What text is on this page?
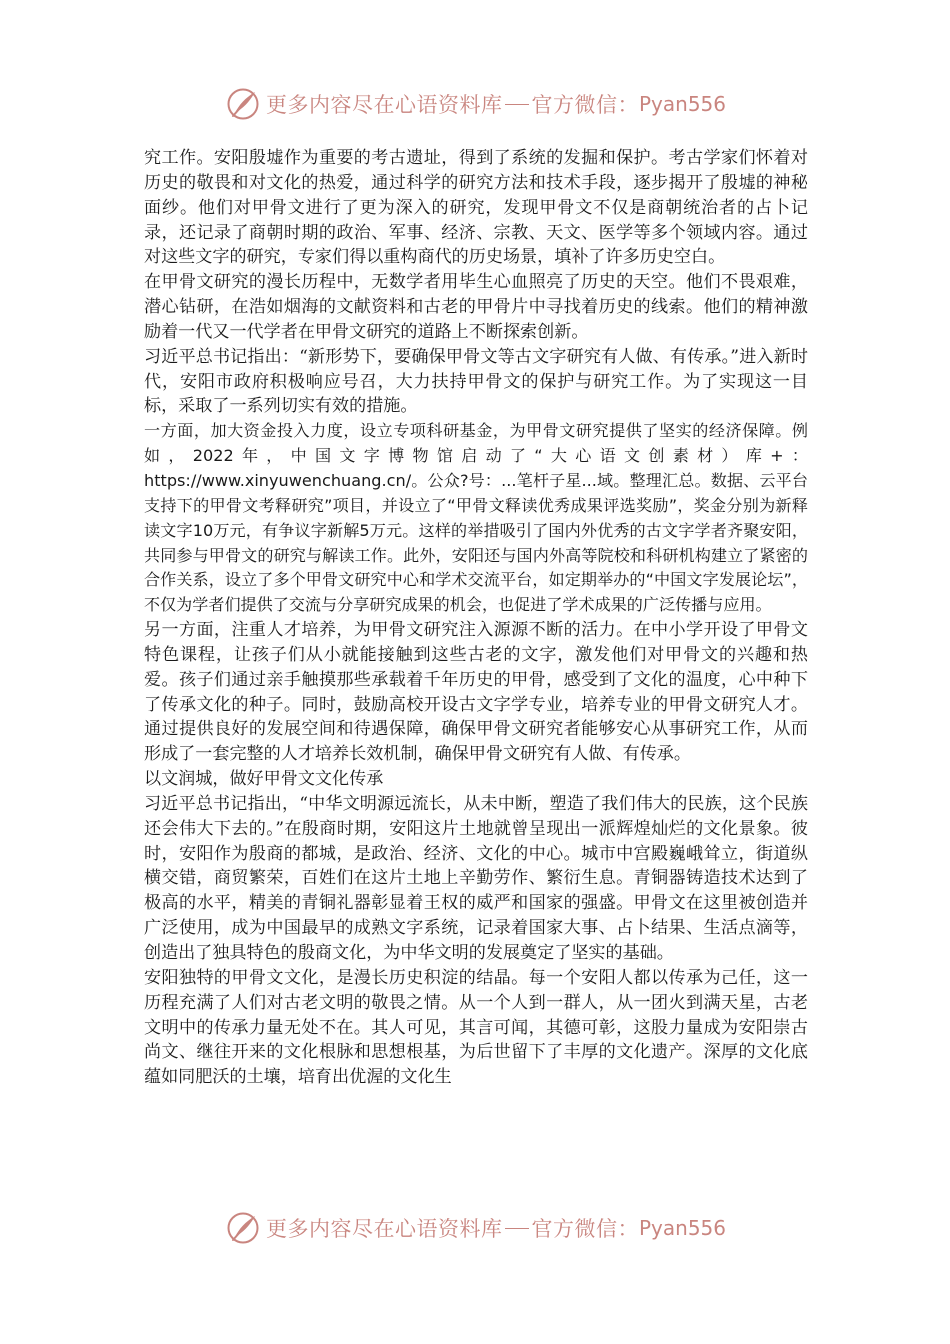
更多内容尽在心语资料库 官方微信： Pyan556

究工作。安阳殷墟作为重要的考古遗址，得到了系统的发掘和保护。考古学家们怀着对历史的敬畏和对文化的热爱，通过科学的研究方法和技术手段，逐步揭开了殷墟的神秘面纱。他们对甲骨文进行了更为深入的研究，发现甲骨文不仅是商朝统治者的占卜记录，还记录了商朝时期的政治、军事、经济、宗教、天文、医学等多个领域内容。通过对这些文字的研究，专家们得以重构商代的历史场景，填补了许多历史空白。

在甲骨文研究的漫长历程中，无数学者用毕生心血照亮了历史的天空。他们不畏艰难，潜心钻研，在浩如烟海的文献资料和古老的甲骨片中寻找着历史的线索。他们的精神激励着一代又一代学者在甲骨文研究的道路上不断探索创新。

习近平总书记指出：“新形势下，要确保甲骨文等古文字研究有人做、有传承。”进入新时代，安阳市政府积极响应号召，大力扶持甲骨文的保护与研究工作。为了实现这一目标，采取了一系列切实有效的措施。

一方面，加大资金投入力度，设立专项科研基金，为甲骨文研究提供了坚实的经济保障。例如，2022年，中国文字博物馆启动了“大心语文创素材）库+：https://www.xinyuwenchuang.cn/。公众?号：...笔杆子星...域。整理汇总。数据、云平台支持下的甲骨文考释研究”项目，并设立了“甲骨文释读优秀成果评选奖励”，奖金分别为新释读文字10万元，有争议字新解5万元。这样的举措吸引了国内外优秀的古文字学者齐聚安阳，共同参与甲骨文的研究与解读工作。此外，安阳还与国内外高等院校和科研机构建立了紧密的合作关系，设立了多个甲骨文研究中心和学术交流平台，如定期举办的“中国文字发展论坛”，不仅为学者们提供了交流与分享研究成果的机会，也促进了学术成果的广泛传播与应用。

另一方面，注重人才培养，为甲骨文研究注入源源不断的活力。在中小学开设了甲骨文特色课程，让孩子们从小就能接触到这些古老的文字，激发他们对甲骨文的兴趣和热爱。孩子们通过亲手触摸那些承载着千年历史的甲骨，感受到了文化的温度，心中种下了传承文化的种子。同时，鼓励高校开设古文字学专业，培养专业的甲骨文研究人才。通过提供良好的发展空间和待遇保障，确保甲骨文研究者能够安心从事研究工作，从而形成了一套完整的人才培养长效机制，确保甲骨文研究有人做、有传承。

以文润城，做好甲骨文文化传承

习近平总书记指出，“中华文明源远流长，从未中断，塑造了我们伟大的民族，这个民族还会伟大下去的。”在殷商时期，安阳这片土地就曾呈现出一派辉煌灿烂的文化景象。彼时，安阳作为殷商的都城，是政治、经济、文化的中心。城市中宫殿巍峨耸立，街道纵横交错，商贸繁荣，百姓们在这片土地上辛勤劳作、繁衍生息。青铜器铸造技术达到了极高的水平，精美的青铜礼器彰显着王权的威严和国家的强盛。甲骨文在这里被创造并广泛使用，成为中国最早的成熟文字系统，记录着国家大事、占卜结果、生活点滴等，创造出了独具特色的殷商文化，为中华文明的发展奠定了坚实的基础。

安阳独特的甲骨文文化，是漫长历史积淀的结晶。每一个安阳人都以传承为己任，这一历程充满了人们对古老文明的敬畏之情。从一个人到一群人，从一团火到满天星，古老文明中的传承力量无处不在。其人可见，其言可闻，其德可彰，这股力量成为安阳崇古尚文、继往开来的文化根脉和思想根基，为后世留下了丰厚的文化遗产。深厚的文化底蕴如同肥沃的土壤，培育出优渥的文化生

更多内容尽在心语资料库 官方微信： Pyan556
